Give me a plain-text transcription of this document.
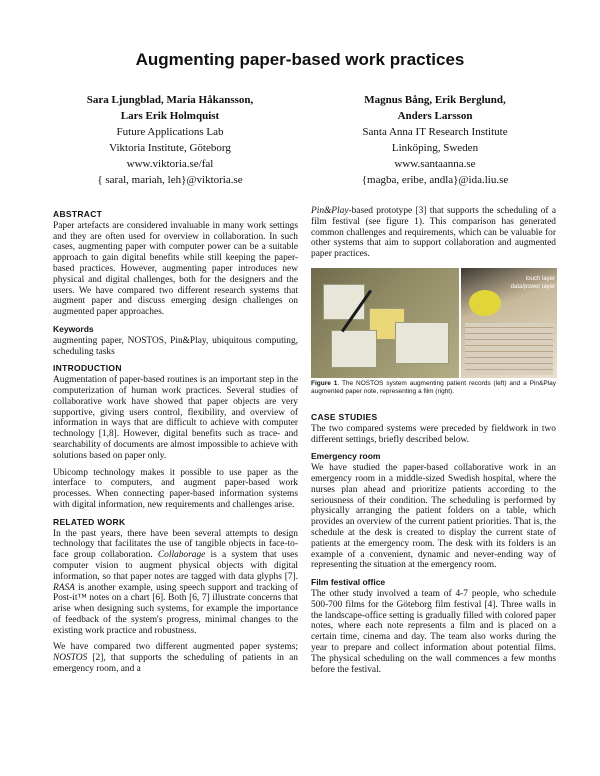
Augmenting paper-based work practices
Sara Ljungblad, Maria Håkansson,
Lars Erik Holmquist
Future Applications Lab
Viktoria Institute, Göteborg
www.viktoria.se/fal
{ saral, mariah, leh}@viktoria.se
Magnus Bång, Erik Berglund,
Anders Larsson
Santa Anna IT Research Institute
Linköping, Sweden
www.santaanna.se
{magba, eribe, andla}@ida.liu.se
ABSTRACT

Paper artefacts are considered invaluable in many work settings and they are often used for overview in collaboration. In such cases, augmenting paper with computer power can be a suitable approach to gain digital benefits while still keeping the paper-based practices. However, augmenting paper introduces new physical and digital challenges, both for the designers and the users. We have compared two different research systems that augment paper and discuss emerging design challenges on augmented paper approaches.

Keywords

augmenting paper, NOSTOS, Pin&Play, ubiquitous computing, scheduling tasks

INTRODUCTION

Augmentation of paper-based routines is an important step in the computerization of human work practices. Several studies of collaborative work have showed that paper objects are very supportive, giving users control, flexibility, and overview of information in ways that are difficult to achieve with computer technology [1,8]. However, digital benefits such as trace- and searchability of documents are almost impossible to achieve with solutions based on paper only.

Ubicomp technology makes it possible to use paper as the interface to computers, and augment paper-based work processes. When connecting paper-based information systems with digital information, new requirements and challenges arise.

RELATED WORK

In the past years, there have been several attempts to design technology that facilitates the use of tangible objects in face-to-face group collaboration. Collaborage is a system that uses computer vision to augment physical objects with digital information, so that paper notes are tagged with data glyphs [7]. RASA is another example, using speech support and tracking of Post-it™ notes on a chart [6]. Both [6, 7] illustrate concerns that arise when designing such systems, for example the importance of feedback of the system's progress, minimal changes to the existing work practice and robustness.

We have compared two different augmented paper systems; NOSTOS [2], that supports the scheduling of patients in an emergency room, and a

Pin&Play-based prototype [3] that supports the scheduling of a film festival (see figure 1). This comparison has generated common challenges and requirements, which can be valuable for other systems that aim to support collaboration and augmented paper practices.

touch layer
data/power layer
Figure 1. The NOSTOS system augmenting patient records (left) and a Pin&Play augmented paper note, representing a film (right).
CASE STUDIES

The two compared systems were preceded by fieldwork in two different settings, briefly described below.

Emergency room

We have studied the paper-based collaborative work in an emergency room in a middle-sized Swedish hospital, where the nurses plan ahead and prioritize patients according to the seriousness of their condition. The scheduling is performed by physically arranging the patient folders on a table, which provides an overview of the current patient priorities. That is, the schedule at the desk is created to display the current state of patients at the emergency room. The desk with its folders is an example of a convenient, dynamic and never-ending way of representing the situation at the emergency room.

Film festival office

The other study involved a team of 4-7 people, who schedule 500-700 films for the Göteborg film festival [4]. Three walls in the landscape-office setting is gradually filled with colored paper notes, where each note represents a film and is placed on a certain time, cinema and day. The team also works during the year to prepare and collect information about potential films. The physical scheduling on the wall commences a few months before the festival.
